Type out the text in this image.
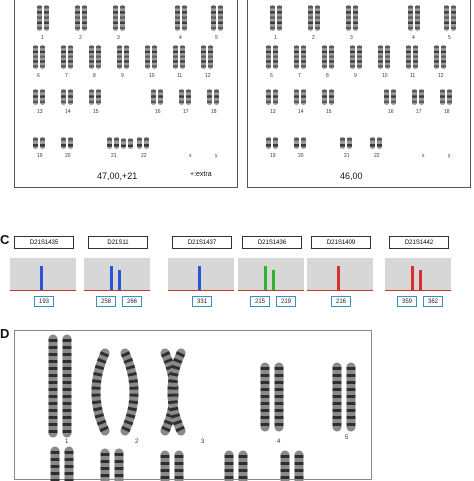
1	2	3	4	5
6	7	8	9	10	11	12
13	14	15	16	17	18
19	20	21	22	x	y
47,00,+21	+:extra
1	2	3	4	5
6	7	8	9	10	11	12
13	14	15	16	17	18
19	20	21	22	x	y
46,00
C	D21S1435
193
D21S11
258	266
D21S1437
331
D21S1436
215	219
D21S1409
216
D21S1442
359	362
D
1	2	3	4
5
